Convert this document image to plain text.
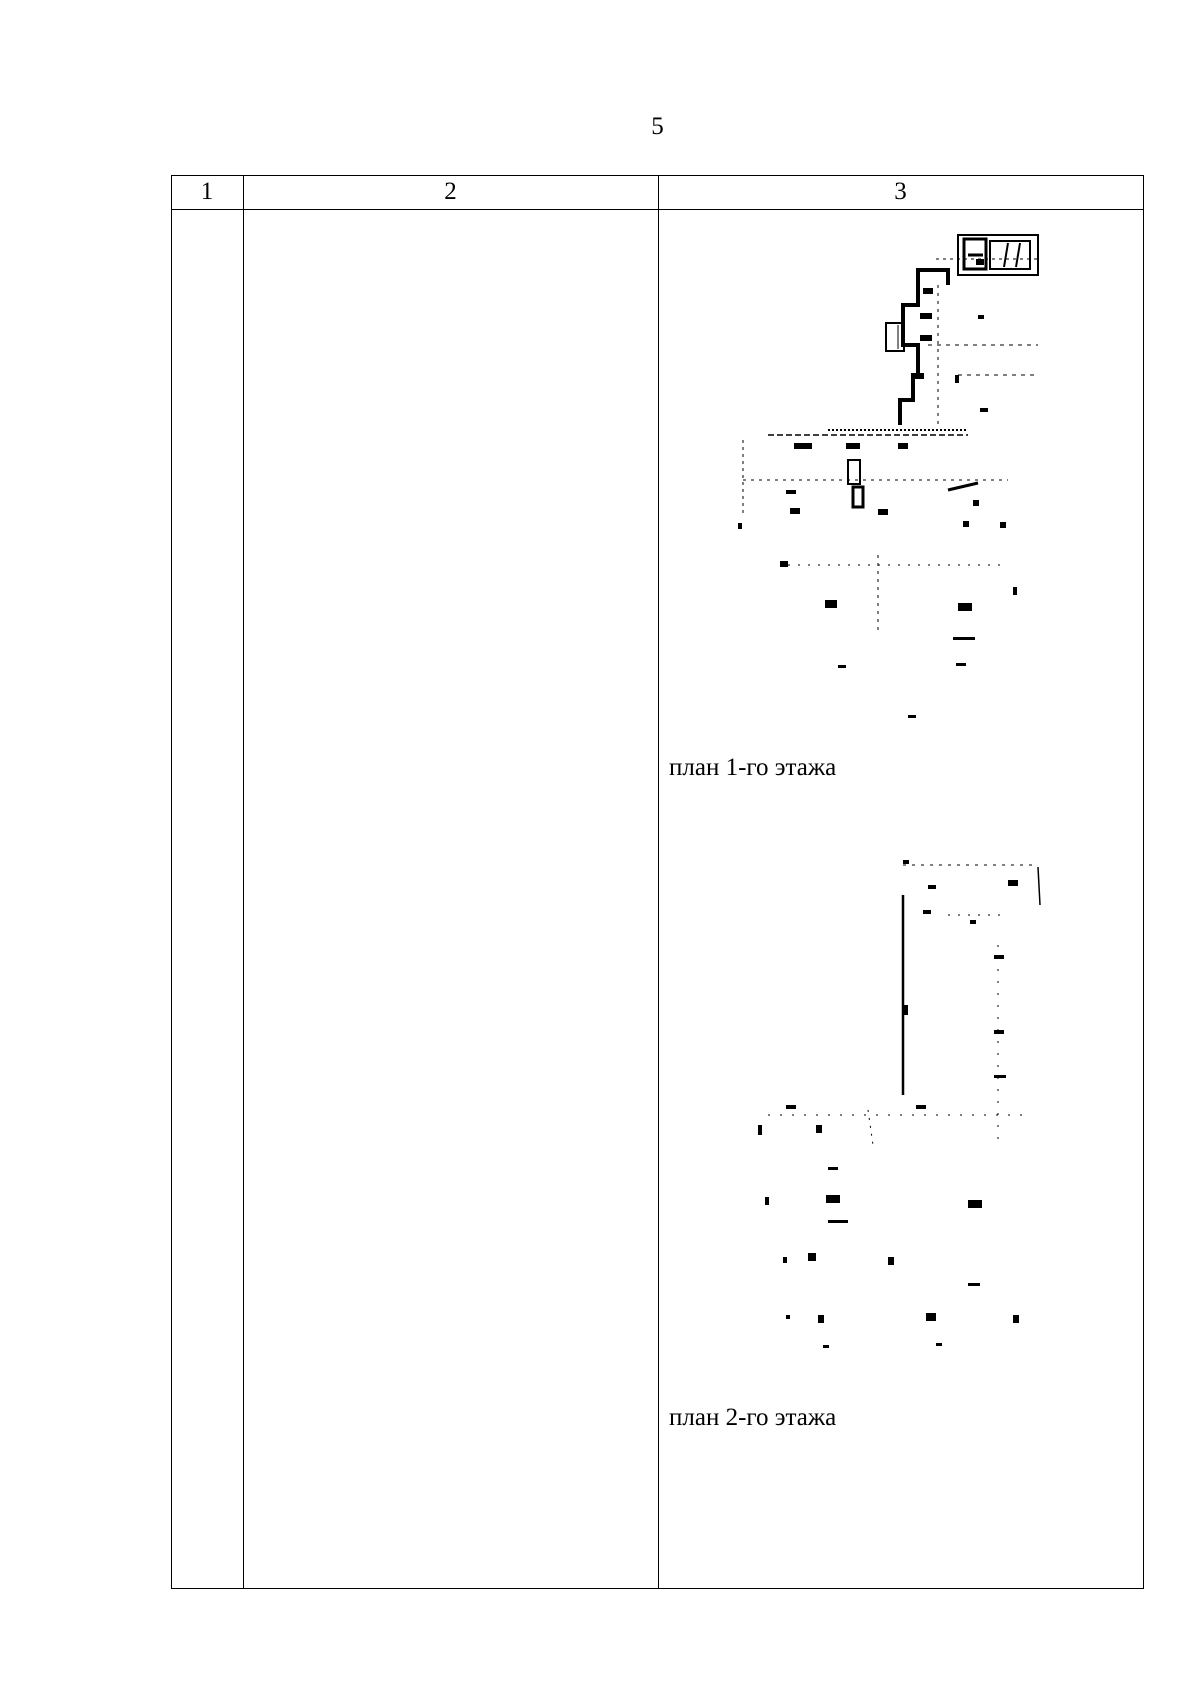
5
1	2	3
план 1-го этажа
план 2-го этажа
